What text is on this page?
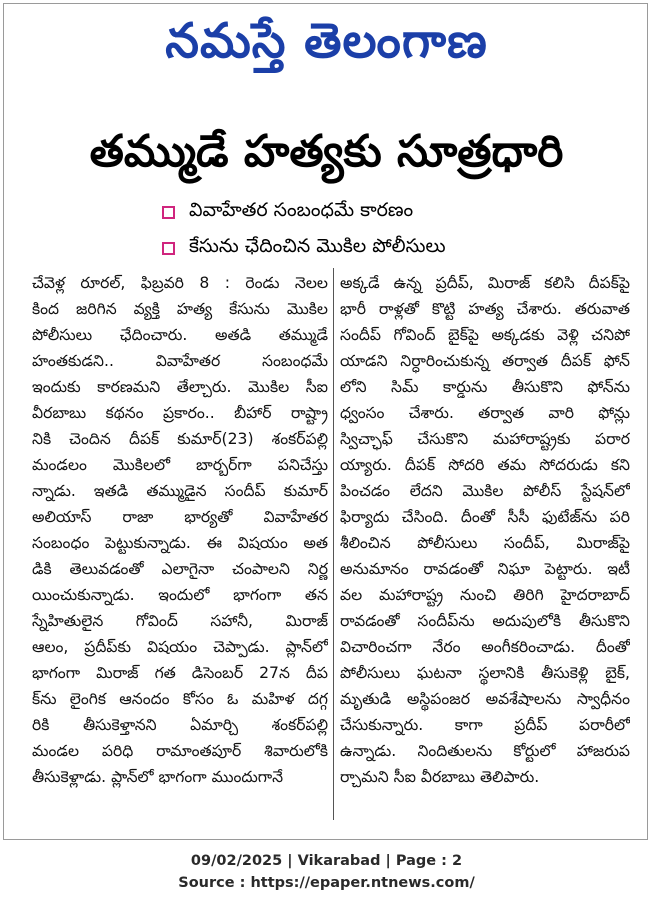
నమస్తే తెలంగాణ
తమ్ముడే హత్యకు సూత్రధారి
వివాహేతర సంబంధమే కారణం
కేసును ఛేదించిన మొకిల పోలీసులు
చేవెళ్ల రూరల్, ఫిబ్రవరి 8 : రెండు నెలల
కింద జరిగిన వ్యక్తి హత్య కేసును మొకిల
పోలీసులు ఛేదించారు. అతడి తమ్ముడే
హంతకుడని.. వివాహేతర సంబంధమే
ఇందుకు కారణమని తేల్చారు. మొకిల సీఐ
వీరబాబు కథనం ప్రకారం.. బీహార్ రాష్ట్రా
నికి చెందిన దీపక్ కుమార్(23) శంకర్‌పల్లి
మండలం మొకిలలో బార్బర్‌గా పనిచేస్తు
న్నాడు. ఇతడి తమ్ముడైన సందీప్ కుమార్
అలియాస్ రాజా భార్యతో వివాహేతర
సంబంధం పెట్టుకున్నాడు. ఈ విషయం అత
డికి తెలువడంతో ఎలాగైనా చంపాలని నిర్ణ
యించుకున్నాడు. ఇందులో భాగంగా తన
స్నేహితులైన గోవింద్ సహానీ, మిరాజ్
ఆలం, ప్రదీప్‌కు విషయం చెప్పాడు. ప్లాన్‌లో
భాగంగా మిరాజ్ గత డిసెంబర్ 27న దీప
క్‌ను లైంగిక ఆనందం కోసం ఓ మహిళ దగ్గ
రికి తీసుకెళ్తానని ఏమార్చి శంకర్‌పల్లి
మండల పరిధి రామాంతపూర్ శివారులోకి
తీసుకెళ్లాడు. ప్లాన్‌లో భాగంగా ముందుగానే
అక్కడే ఉన్న ప్రదీప్, మిరాజ్ కలిసి దీపక్‌పై
భారీ రాళ్లతో కొట్టి హత్య చేశారు. తరువాత
సందీప్ గోవింద్ బైక్‌పై అక్కడకు వెళ్లి చనిపో
యాడని నిర్ధారించుకున్న తర్వాత దీపక్ ఫోన్
లోని సిమ్ కార్డును తీసుకొని ఫోన్‌ను
ధ్వంసం చేశారు. తర్వాత వారి ఫోన్లు
స్విచ్ఛాఫ్ చేసుకొని మహారాష్ట్రకు పరార
య్యారు. దీపక్ సోదరి తమ సోదరుడు కని
పించడం లేదని మొకిల పోలీస్ స్టేషన్‌లో
ఫిర్యాదు చేసింది. దీంతో సీసీ ఫుటేజ్‌ను పరి
శీలించిన పోలీసులు సందీప్, మిరాజ్‌పై
అనుమానం రావడంతో నిఘా పెట్టారు. ఇటీ
వల మహారాష్ట్ర నుంచి తిరిగి హైదరాబాద్
రావడంతో సందీప్‌ను అదుపులోకి తీసుకొని
విచారించగా నేరం అంగీకరించాడు. దీంతో
పోలీసులు ఘటనా స్థలానికి తీసుకెళ్లి బైక్,
మృతుడి అస్థిపంజర అవశేషాలను స్వాధీనం
చేసుకున్నారు. కాగా ప్రదీప్ పరారీలో
ఉన్నాడు. నిందితులను కోర్టులో హాజరుప
ర్చామని సీఐ వీరబాబు తెలిపారు.
09/02/2025 | Vikarabad | Page : 2
Source : https://epaper.ntnews.com/
